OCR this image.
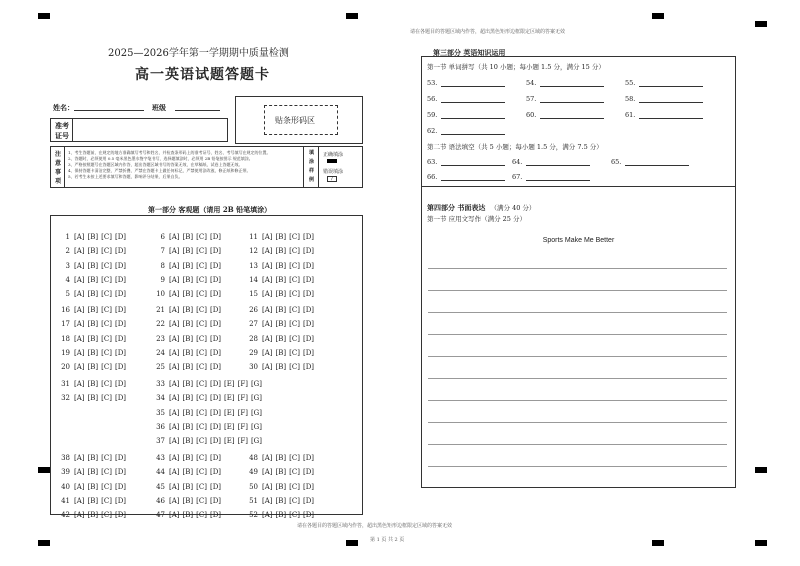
请在各题目的答题区域内作答，超出黑色矩形边框限定区域的答案无效
2025—2026学年第一学期期中质量检测
高一英语试题答题卡
姓名：	班级
准考
证号
贴条形码区
注
意
事
项
1、考生答题前，在规定的地方准确填写考号和姓名，并检查条形码上的准考证号、姓名、考号填写在规定的位置。
2、答题时，必须使用 0.5 毫米黑色墨水签字笔书写，选择题填涂时，必须用 2B 铅笔按图示 规范填涂。
3、严格按照题号在答题区域内作答，超出答题区域书写的答案无效，在草稿纸、试卷上答题无效。
4、保持答题卡清洁完整，严禁折叠、严禁在答题卡上做任何标记，严禁使用涂改液、修正纸和修正带。
5、若考生未按上述要求填写和答题，影响评分结果，后果自负。
填
涂
样
例
正确填涂
错误填涂
/
第一部分 客观题（请用 2B 铅笔填涂）
1 [A] [B] [C] [D]
2 [A] [B] [C] [D]
3 [A] [B] [C] [D]
4 [A] [B] [C] [D]
5 [A] [B] [C] [D]
6 [A] [B] [C] [D]
7 [A] [B] [C] [D]
8 [A] [B] [C] [D]
9 [A] [B] [C] [D]
10 [A] [B] [C] [D]
11 [A] [B] [C] [D]
12 [A] [B] [C] [D]
13 [A] [B] [C] [D]
14 [A] [B] [C] [D]
15 [A] [B] [C] [D]
16 [A] [B] [C] [D]
17 [A] [B] [C] [D]
18 [A] [B] [C] [D]
19 [A] [B] [C] [D]
20 [A] [B] [C] [D]
21 [A] [B] [C] [D]
22 [A] [B] [C] [D]
23 [A] [B] [C] [D]
24 [A] [B] [C] [D]
25 [A] [B] [C] [D]
26 [A] [B] [C] [D]
27 [A] [B] [C] [D]
28 [A] [B] [C] [D]
29 [A] [B] [C] [D]
30 [A] [B] [C] [D]
31 [A] [B] [C] [D]
32 [A] [B] [C] [D]
33 [A] [B] [C] [D] [E] [F] [G]
34 [A] [B] [C] [D] [E] [F] [G]
35 [A] [B] [C] [D] [E] [F] [G]
36 [A] [B] [C] [D] [E] [F] [G]
37 [A] [B] [C] [D] [E] [F] [G]
38 [A] [B] [C] [D]
39 [A] [B] [C] [D]
40 [A] [B] [C] [D]
41 [A] [B] [C] [D]
42 [A] [B] [C] [D]
43 [A] [B] [C] [D]
44 [A] [B] [C] [D]
45 [A] [B] [C] [D]
46 [A] [B] [C] [D]
47 [A] [B] [C] [D]
48 [A] [B] [C] [D]
49 [A] [B] [C] [D]
50 [A] [B] [C] [D]
51 [A] [B] [C] [D]
52 [A] [B] [C] [D]
第三部分 英语知识运用
第一节 单词拼写（共 10 小题；每小题 1.5 分，满分 15 分）
53.	54.	55.
56.	57.	58.
59.	60.	61.
62.
第二节 语法填空（共 5 小题；每小题 1.5 分，满分 7.5 分）
63.	64.	65.
66.	67.
第四部分 书面表达 （满分 40 分）
第一节 应用文写作（满分 25 分）
Sports Make Me Better
请在各题目的答题区域内作答，超出黑色矩形边框限定区域的答案无效
第 1 页 共 2 页
